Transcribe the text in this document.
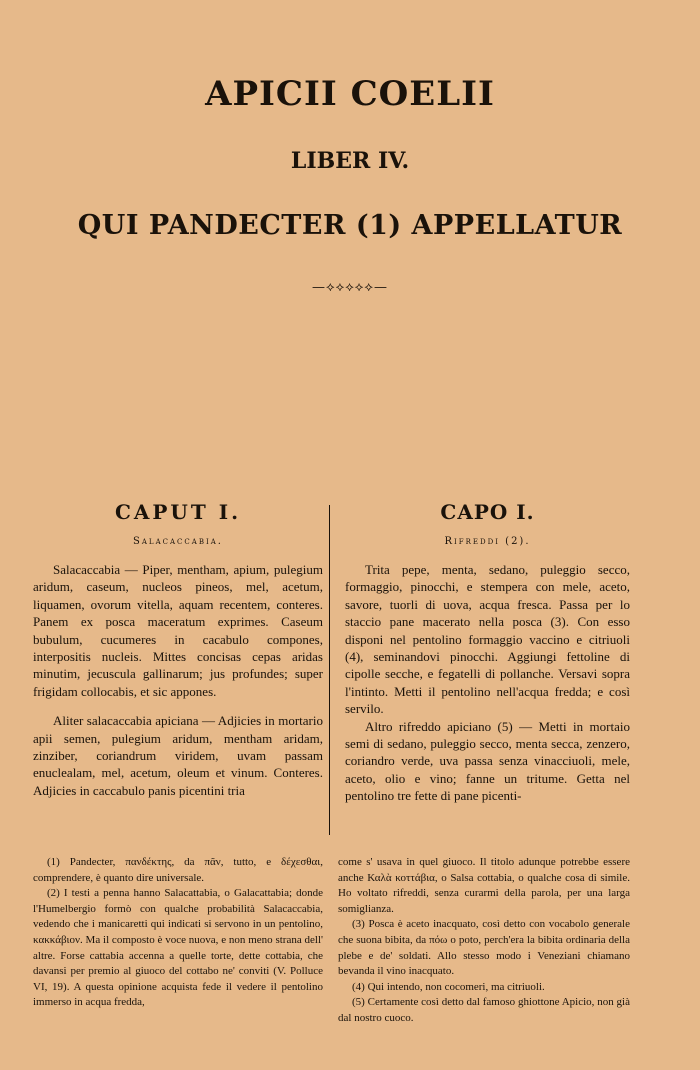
APICII COELII
LIBER IV.
QUI PANDECTER (1) APPELLATUR
—⟡⟡⟡⟡⟡—
CAPUT I.
Salacaccabia.

Salacaccabia — Piper, mentham, apium, pulegium aridum, caseum, nucleos pineos, mel, acetum, liquamen, ovorum vitella, aquam recentem, conteres. Panem ex posca maceratum exprimes. Caseum bubulum, cucumeres in cacabulo compones, interpositis nucleis. Mittes concisas cepas aridas minutim, jecuscula gallinarum; jus profundes; super frigidam collocabis, et sic appones.

Aliter salacaccabia apiciana — Adjicies in mortario apii semen, pulegium aridum, mentham aridam, zinziber, coriandrum viridem, uvam passam enuclealam, mel, acetum, oleum et vinum. Conteres. Adjicies in caccabulo panis picentini tria

CAPO I.
Rifreddi (2).

Trita pepe, menta, sedano, puleggio secco, formaggio, pinocchi, e stempera con mele, aceto, savore, tuorli di uova, acqua fresca. Passa per lo staccio pane macerato nella posca (3). Con esso disponi nel pentolino formaggio vaccino e citriuoli (4), seminandovi pinocchi. Aggiungi fettoline di cipolle secche, e fegatelli di pollanche. Versavi sopra l'intinto. Metti il pentolino nell'acqua fredda; e così servilo.

Altro rifreddo apiciano (5) — Metti in mortaio semi di sedano, puleggio secco, menta secca, zenzero, coriandro verde, uva passa senza vinacciuoli, mele, aceto, olio e vino; fanne un tritume. Getta nel pentolino tre fette di pane picenti-

(1) Pandecter, πανδέκτης, da πᾶν, tutto, e δέχεσθαι, comprendere, è quanto dire universale.

(2) I testi a penna hanno Salacattabia, o Galacattabia; donde l'Humelbergio formò con qualche probabilità Salacaccabia, vedendo che i manicaretti qui indicati si servono in un pentolino, κακκάβιον. Ma il composto è voce nuova, e non meno strana dell' altre. Forse cattabia accenna a quelle torte, dette cottabia, che davansi per premio al giuoco del cottabo ne' conviti (V. Polluce VI, 19). A questa opinione acquista fede il vedere il pentolino immerso in acqua fredda,

come s' usava in quel giuoco. Il titolo adunque potrebbe essere anche Καλὰ κοττάβια, o Salsa cottabia, o qualche cosa di simile. Ho voltato rifreddi, senza curarmi della parola, per una larga somiglianza.

(3) Posca è aceto inacquato, così detto con vocabolo generale che suona bibita, da πόω o poto, perch'era la bibita ordinaria della plebe e de' soldati. Allo stesso modo i Veneziani chiamano bevanda il vino inacquato.

(4) Qui intendo, non cocomeri, ma citriuoli.

(5) Certamente così detto dal famoso ghiottone Apicio, non già dal nostro cuoco.
